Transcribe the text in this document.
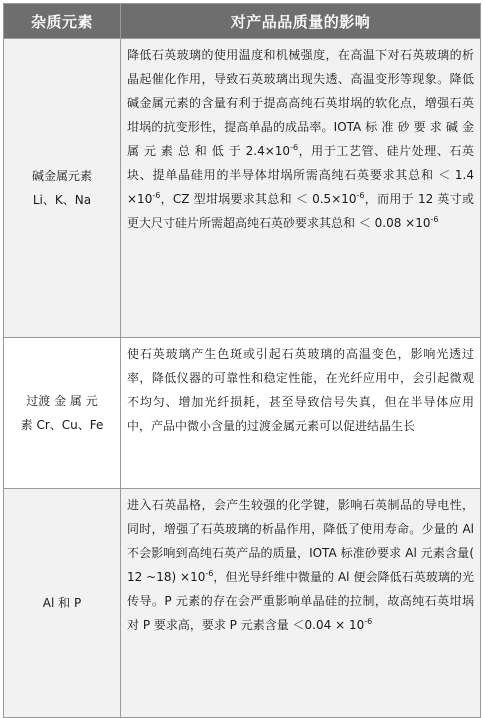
杂质元素	对产品品质量的影响

碱金属元素
Li、K、Na	降低石英玻璃的使用温度和机械强度，在高温下对石英玻璃的析晶起催化作用，导致石英玻璃出现失透、高温变形等现象。降低碱金属元素的含量有利于提高高纯石英坩埚的软化点，增强石英坩埚的抗变形性，提高单晶的成品率。IOTA 标 准 砂 要 求 碱 金 属 元 素 总 和 低 于 $2.4\times 10^{-6}$，用于工艺管、硅片处理、石英块、提单晶硅用的半导体坩埚所需高纯石英要求其总和 ＜ $1.4 \times 10^{-6}$，CZ 型坩埚要求其总和 ＜ $0.5\times 10^{-6}$，而用于 12 英寸或更大尺寸硅片所需超高纯石英砂要求其总和 ＜ $0.08 \times 10^{-6}$

过渡 金 属 元
素 Cr、Cu、Fe	使石英玻璃产生色斑或引起石英玻璃的高温变色，影响光透过率，降低仪器的可靠性和稳定性能，在光纤应用中，会引起微观不均匀、增加光纤损耗，甚至导致信号失真，但在半导体应用中，产品中微小含量的过渡金属元素可以促进结晶生长

Al 和 P	进入石英晶格，会产生较强的化学键，影响石英制品的导电性，同时，增强了石英玻璃的析晶作用，降低了使用寿命。少量的 Al 不会影响到高纯石英产品的质量，IOTA 标准砂要求 Al 元素含量( 12 ~18) $\times 10^{-6}$，但光导纤维中微量的 Al 便会降低石英玻璃的光传导。P 元素的存在会严重影响单晶硅的拉制，故高纯石英坩埚对 P 要求高，要求 P 元素含量 $<0.04 \times 10^{-6}$
